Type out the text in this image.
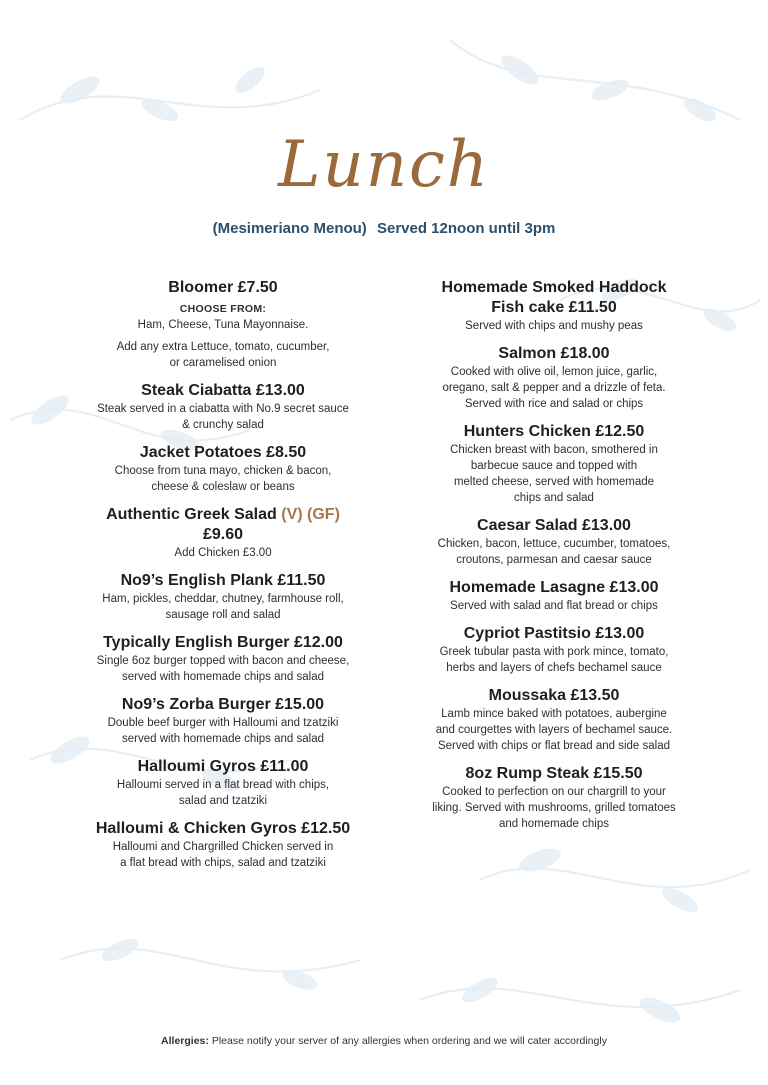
Lunch
(Mesimeriano Menou) Served 12noon until 3pm
Bloomer £7.50
CHOOSE FROM:
Ham, Cheese, Tuna Mayonnaise.
Add any extra Lettuce, tomato, cucumber,
or caramelised onion
Steak Ciabatta £13.00
Steak served in a ciabatta with No.9 secret sauce
& crunchy salad
Jacket Potatoes £8.50
Choose from tuna mayo, chicken & bacon,
cheese & coleslaw or beans
Authentic Greek Salad (V) (GF)
£9.60
Add Chicken £3.00
No9’s English Plank £11.50
Ham, pickles, cheddar, chutney, farmhouse roll,
sausage roll and salad
Typically English Burger £12.00
Single 6oz burger topped with bacon and cheese,
served with homemade chips and salad
No9’s Zorba Burger £15.00
Double beef burger with Halloumi and tzatziki
served with homemade chips and salad
Halloumi Gyros £11.00
Halloumi served in a flat bread with chips,
salad and tzatziki
Halloumi & Chicken Gyros £12.50
Halloumi and Chargrilled Chicken served in
a flat bread with chips, salad and tzatziki
Homemade Smoked Haddock
Fish cake £11.50
Served with chips and mushy peas
Salmon £18.00
Cooked with olive oil, lemon juice, garlic,
oregano, salt & pepper and a drizzle of feta.
Served with rice and salad or chips
Hunters Chicken £12.50
Chicken breast with bacon, smothered in
barbecue sauce and topped with
melted cheese, served with homemade
chips and salad
Caesar Salad £13.00
Chicken, bacon, lettuce, cucumber, tomatoes,
croutons, parmesan and caesar sauce
Homemade Lasagne £13.00
Served with salad and flat bread or chips
Cypriot Pastitsio £13.00
Greek tubular pasta with pork mince, tomato,
herbs and layers of chefs bechamel sauce
Moussaka £13.50
Lamb mince baked with potatoes, aubergine
and courgettes with layers of bechamel sauce.
Served with chips or flat bread and side salad
8oz Rump Steak £15.50
Cooked to perfection on our chargrill to your
liking. Served with mushrooms, grilled tomatoes
and homemade chips
Allergies: Please notify your server of any allergies when ordering and we will cater accordingly
